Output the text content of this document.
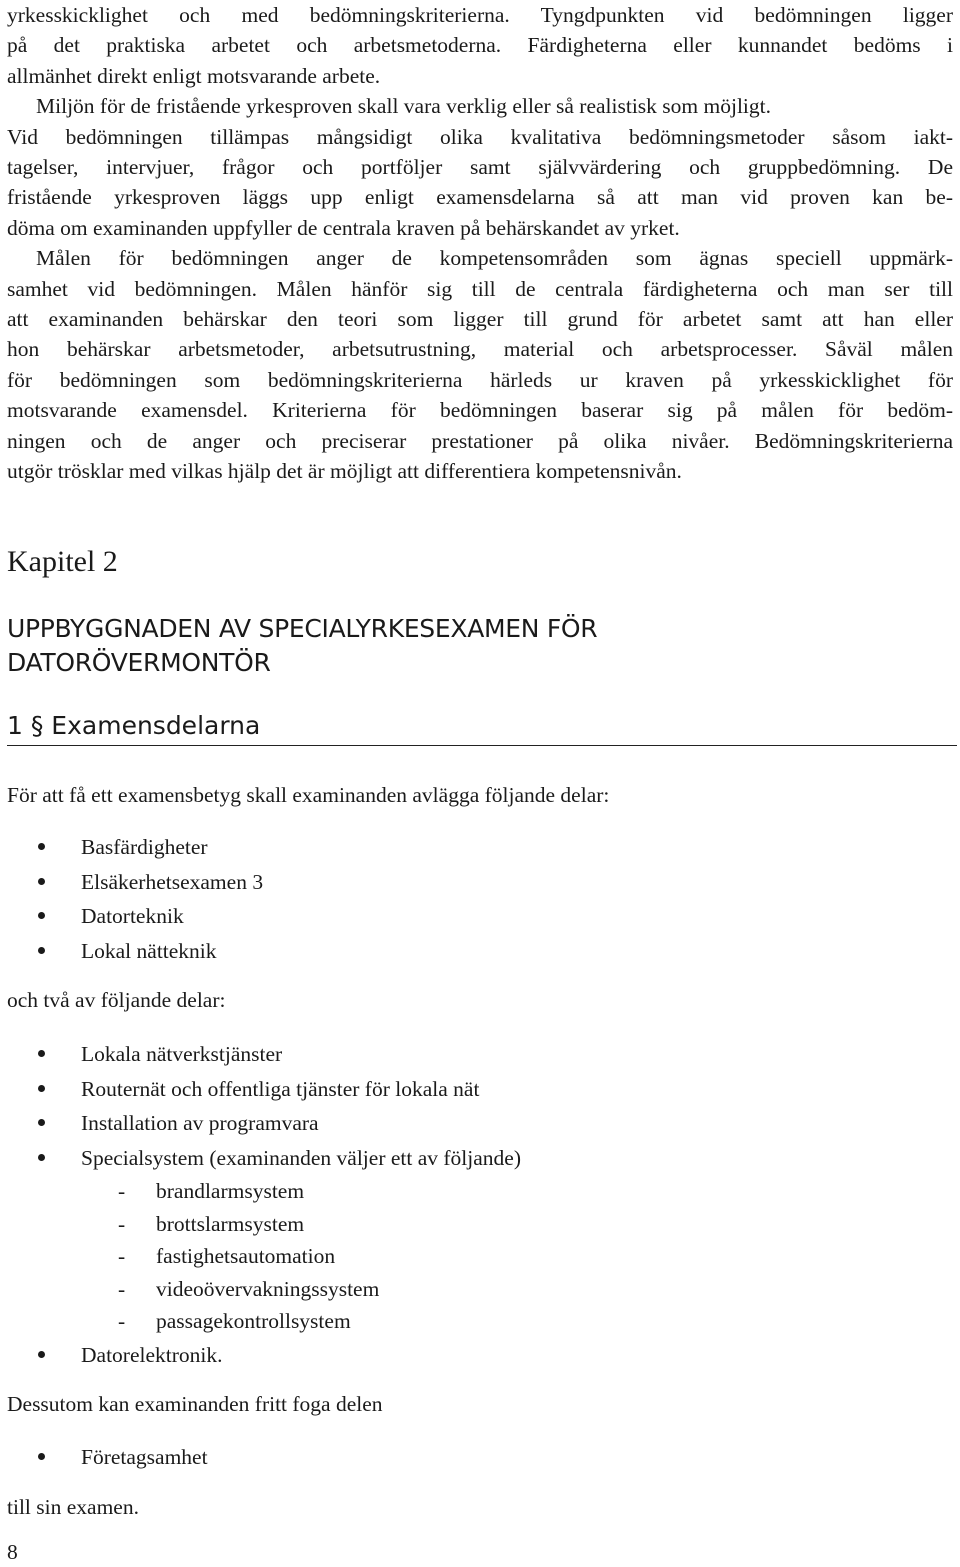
yrkesskicklighet och med bedömningskriterierna. Tyngdpunkten vid bedömningen ligger
på det praktiska arbetet och arbetsmetoderna. Färdigheterna eller kunnandet bedöms i
allmänhet direkt enligt motsvarande arbete.

Miljön för de fristående yrkesproven skall vara verklig eller så realistisk som möjligt.
Vid bedömningen tillämpas mångsidigt olika kvalitativa bedömningsmetoder såsom iakt-
tagelser, intervjuer, frågor och portföljer samt självvärdering och gruppbedömning. De
fristående yrkesproven läggs upp enligt examensdelarna så att man vid proven kan be-
döma om examinanden uppfyller de centrala kraven på behärskandet av yrket.

Målen för bedömningen anger de kompetensområden som ägnas speciell uppmärk-
samhet vid bedömningen. Målen hänför sig till de centrala färdigheterna och man ser till
att examinanden behärskar den teori som ligger till grund för arbetet samt att han eller
hon behärskar arbetsmetoder, arbetsutrustning, material och arbetsprocesser. Såväl målen
för bedömningen som bedömningskriterierna härleds ur kraven på yrkesskicklighet för
motsvarande examensdel. Kriterierna för bedömningen baserar sig på målen för bedöm-
ningen och de anger och preciserar prestationer på olika nivåer. Bedömningskriterierna
utgör trösklar med vilkas hjälp det är möjligt att differentiera kompetensnivån.

Kapitel 2
UPPBYGGNADEN AV SPECIALYRKESEXAMEN FÖR
DATORÖVERMONTÖR
1 § Examensdelarna

För att få ett examensbetyg skall examinanden avlägga följande delar:

Basfärdigheter
Elsäkerhetsexamen 3
Datorteknik
Lokal nätteknik

och två av följande delar:

Lokala nätverkstjänster
Routernät och offentliga tjänster för lokala nät
Installation av programvara
Specialsystem (examinanden väljer ett av följande)
- brandlarmsystem
- brottslarmsystem
- fastighetsautomation
- videoövervakningssystem
- passagekontrollsystem
Datorelektronik.

Dessutom kan examinanden fritt foga delen

Företagsamhet

till sin examen.

8
